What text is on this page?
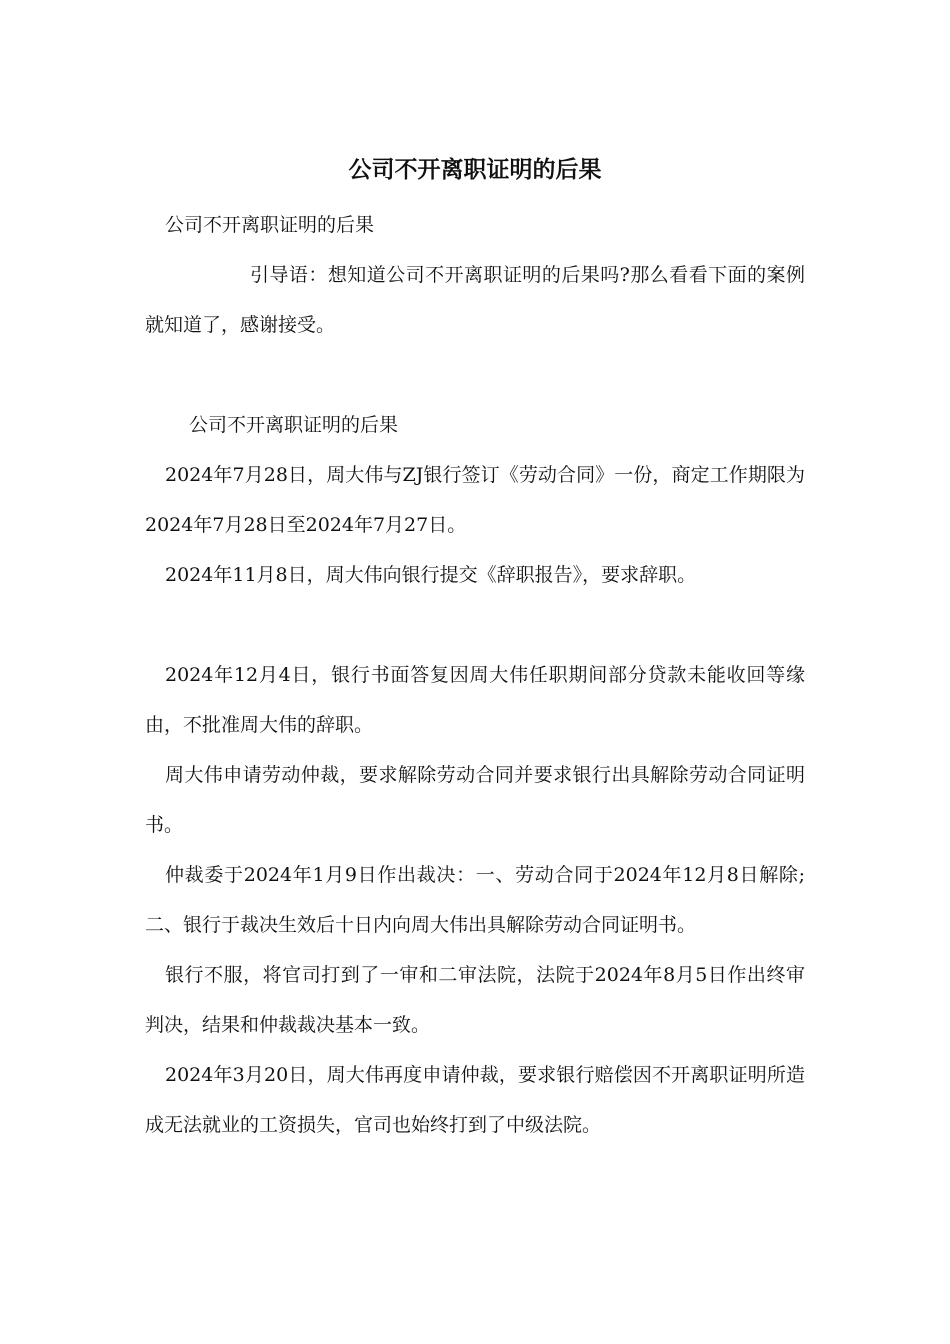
公司不开离职证明的后果

公司不开离职证明的后果

引导语：想知道公司不开离职证明的后果吗?那么看看下面的案例就知道了，感谢接受。

公司不开离职证明的后果

2024年7月28日，周大伟与ZJ银行签订《劳动合同》一份，商定工作期限为2024年7月28日至2024年7月27日。

2024年11月8日，周大伟向银行提交《辞职报告》，要求辞职。

2024年12月4日，银行书面答复因周大伟任职期间部分贷款未能收回等缘由，不批准周大伟的辞职。

周大伟申请劳动仲裁，要求解除劳动合同并要求银行出具解除劳动合同证明书。

仲裁委于2024年1月9日作出裁决：一、劳动合同于2024年12月8日解除;二、银行于裁决生效后十日内向周大伟出具解除劳动合同证明书。

银行不服，将官司打到了一审和二审法院，法院于2024年8月5日作出终审判决，结果和仲裁裁决基本一致。

2024年3月20日，周大伟再度申请仲裁，要求银行赔偿因不开离职证明所造成无法就业的工资损失，官司也始终打到了中级法院。
